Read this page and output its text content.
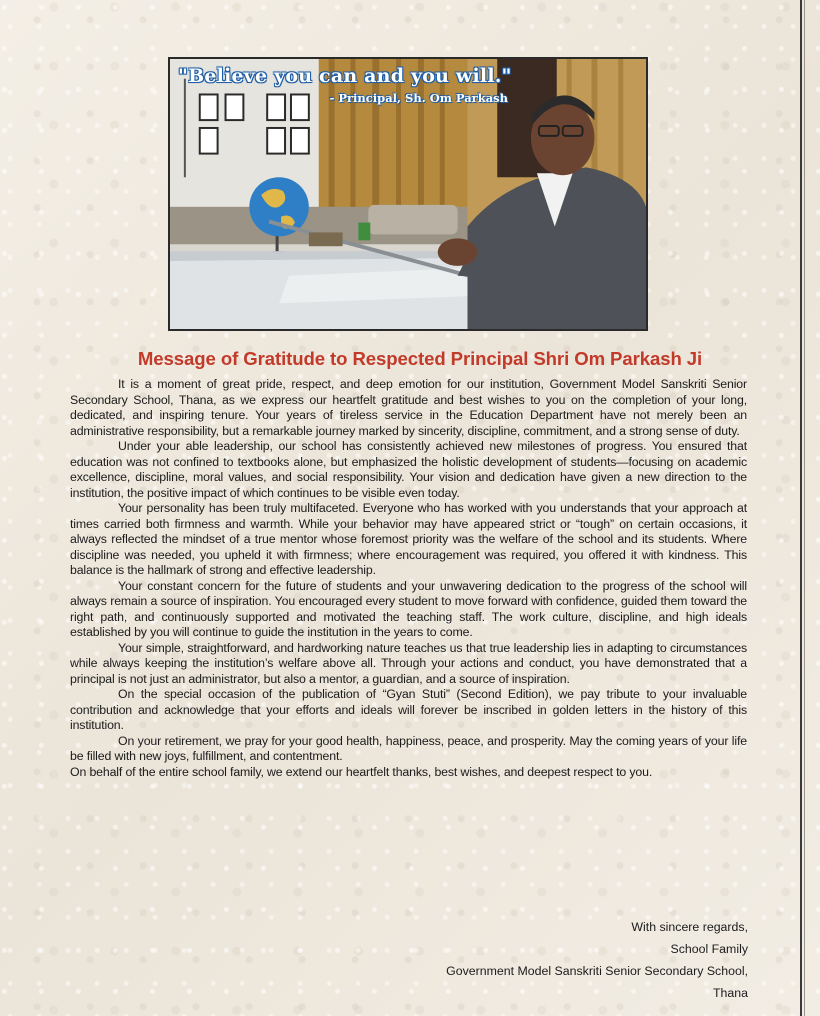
"Believe you can and you will."
- Principal, Sh. Om Parkash
Message of Gratitude to Respected Principal Shri Om Parkash Ji

It is a moment of great pride, respect, and deep emotion for our institution, Government Model Sanskriti Senior Secondary School, Thana, as we express our heartfelt gratitude and best wishes to you on the completion of your long, dedicated, and inspiring tenure. Your years of tireless service in the Education Department have not merely been an administrative responsibility, but a remarkable journey marked by sincerity, discipline, commitment, and a strong sense of duty.

Under your able leadership, our school has consistently achieved new milestones of progress. You ensured that education was not confined to textbooks alone, but emphasized the holistic development of students—focusing on academic excellence, discipline, moral values, and social responsibility. Your vision and dedication have given a new direction to the institution, the positive impact of which continues to be visible even today.

Your personality has been truly multifaceted. Everyone who has worked with you understands that your approach at times carried both firmness and warmth. While your behavior may have appeared strict or “tough” on certain occasions, it always reflected the mindset of a true mentor whose foremost priority was the welfare of the school and its students. Where discipline was needed, you upheld it with firmness; where encouragement was required, you offered it with kindness. This balance is the hallmark of strong and effective leadership.

Your constant concern for the future of students and your unwavering dedication to the progress of the school will always remain a source of inspiration. You encouraged every student to move forward with confidence, guided them toward the right path, and continuously supported and motivated the teaching staff. The work culture, discipline, and high ideals established by you will continue to guide the institution in the years to come.

Your simple, straightforward, and hardworking nature teaches us that true leadership lies in adapting to circumstances while always keeping the institution’s welfare above all. Through your actions and conduct, you have demonstrated that a principal is not just an administrator, but also a mentor, a guardian, and a source of inspiration.

On the special occasion of the publication of “Gyan Stuti” (Second Edition), we pay tribute to your invaluable contribution and acknowledge that your efforts and ideals will forever be inscribed in golden letters in the history of this institution.

On your retirement, we pray for your good health, happiness, peace, and prosperity. May the coming years of your life be filled with new joys, fulfillment, and contentment.

On behalf of the entire school family, we extend our heartfelt thanks, best wishes, and deepest respect to you.

With sincere regards,
School Family
Government Model Sanskriti Senior Secondary School,
Thana
